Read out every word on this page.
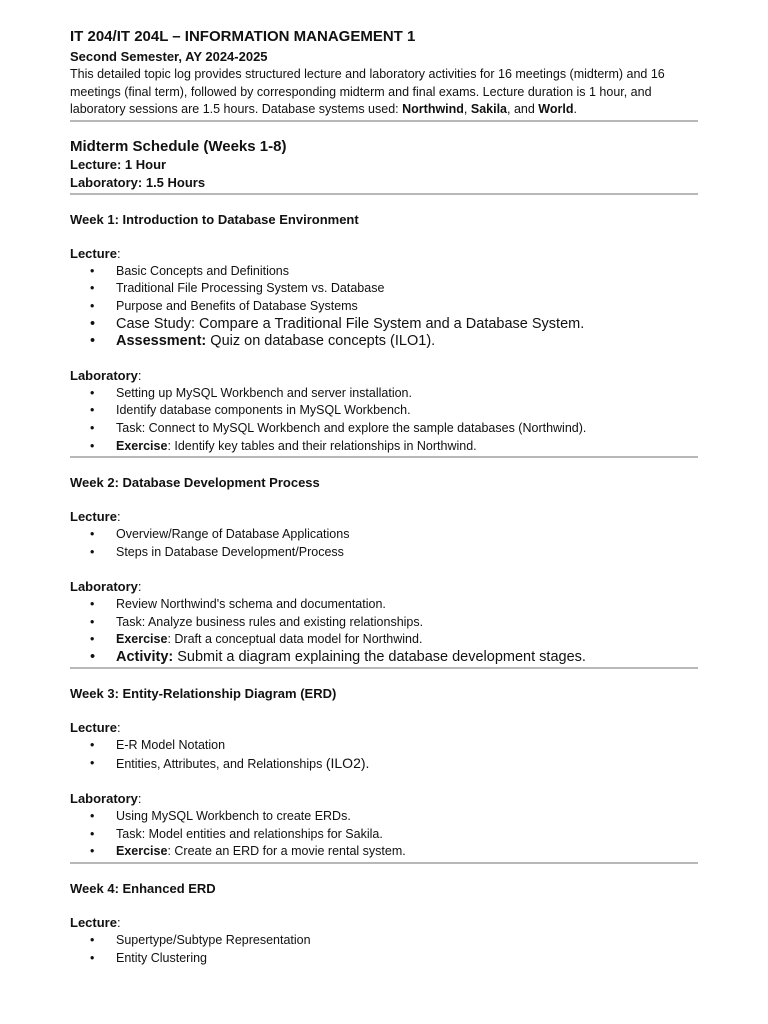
IT 204/IT 204L – INFORMATION MANAGEMENT 1
Second Semester, AY 2024-2025
This detailed topic log provides structured lecture and laboratory activities for 16 meetings (midterm) and 16 meetings (final term), followed by corresponding midterm and final exams. Lecture duration is 1 hour, and laboratory sessions are 1.5 hours. Database systems used: Northwind, Sakila, and World.
Midterm Schedule (Weeks 1-8)
Lecture: 1 Hour
Laboratory: 1.5 Hours
Week 1: Introduction to Database Environment
Lecture:
• Basic Concepts and Definitions
• Traditional File Processing System vs. Database
• Purpose and Benefits of Database Systems
• Case Study: Compare a Traditional File System and a Database System.
• Assessment: Quiz on database concepts (ILO1).
Laboratory:
• Setting up MySQL Workbench and server installation.
• Identify database components in MySQL Workbench.
• Task: Connect to MySQL Workbench and explore the sample databases (Northwind).
• Exercise: Identify key tables and their relationships in Northwind.
Week 2: Database Development Process
Lecture:
• Overview/Range of Database Applications
• Steps in Database Development/Process
Laboratory:
• Review Northwind's schema and documentation.
• Task: Analyze business rules and existing relationships.
• Exercise: Draft a conceptual data model for Northwind.
• Activity: Submit a diagram explaining the database development stages.
Week 3: Entity-Relationship Diagram (ERD)
Lecture:
• E-R Model Notation
• Entities, Attributes, and Relationships (ILO2).
Laboratory:
• Using MySQL Workbench to create ERDs.
• Task: Model entities and relationships for Sakila.
• Exercise: Create an ERD for a movie rental system.
Week 4: Enhanced ERD
Lecture:
• Supertype/Subtype Representation
• Entity Clustering
